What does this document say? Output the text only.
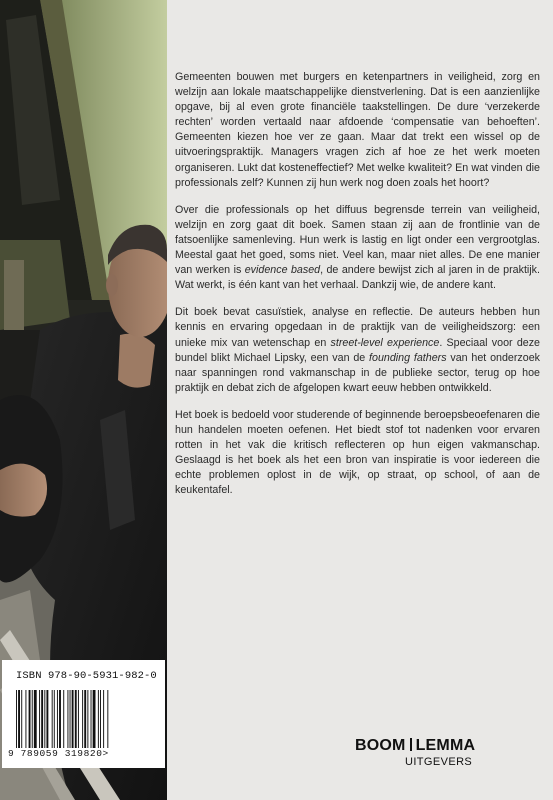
Gemeenten bouwen met burgers en ketenpartners in veiligheid, zorg en welzijn aan lokale maatschappelijke dienstverlening. Dat is een aanzienlijke opgave, bij al even grote financiële taakstellingen. De dure ‘verzekerde rechten’ worden vertaald naar afdoende ‘compensatie van behoeften’. Gemeenten kiezen hoe ver ze gaan. Maar dat trekt een wissel op de uitvoeringspraktijk. Managers vragen zich af hoe ze het werk moeten organiseren. Lukt dat kosteneffectief? Met welke kwaliteit? En wat vinden die professionals zelf? Kunnen zij hun werk nog doen zoals het hoort?

Over die professionals op het diffuus begrensde terrein van veiligheid, welzijn en zorg gaat dit boek. Samen staan zij aan de frontlinie van de fatsoenlijke samenleving. Hun werk is lastig en ligt onder een vergrootglas. Meestal gaat het goed, soms niet. Veel kan, maar niet alles. De ene manier van werken is evidence based, de andere bewijst zich al jaren in de praktijk. Wat werkt, is één kant van het verhaal. Dankzij wie, de andere kant.

Dit boek bevat casuïstiek, analyse en reflectie. De auteurs hebben hun kennis en ervaring opgedaan in de praktijk van de veiligheidszorg: een unieke mix van wetenschap en street-level experience. Speciaal voor deze bundel blikt Michael Lipsky, een van de founding fathers van het onderzoek naar spanningen rond vakmanschap in de publieke sector, terug op hoe praktijk en debat zich de afgelopen kwart eeuw hebben ontwikkeld.

Het boek is bedoeld voor studerende of beginnende beroepsbeoefenaren die hun handelen moeten oefenen. Het biedt stof tot nadenken voor ervaren rotten in het vak die kritisch reflecteren op hun eigen vakmanschap. Geslaagd is het boek als het een bron van inspiratie is voor iedereen die echte problemen oplost in de wijk, op straat, op school, of aan de keukentafel.

BOOM LEMMA
UITGEVERS
ISBN 978-90-5931-982-0
9 789059 319820>
